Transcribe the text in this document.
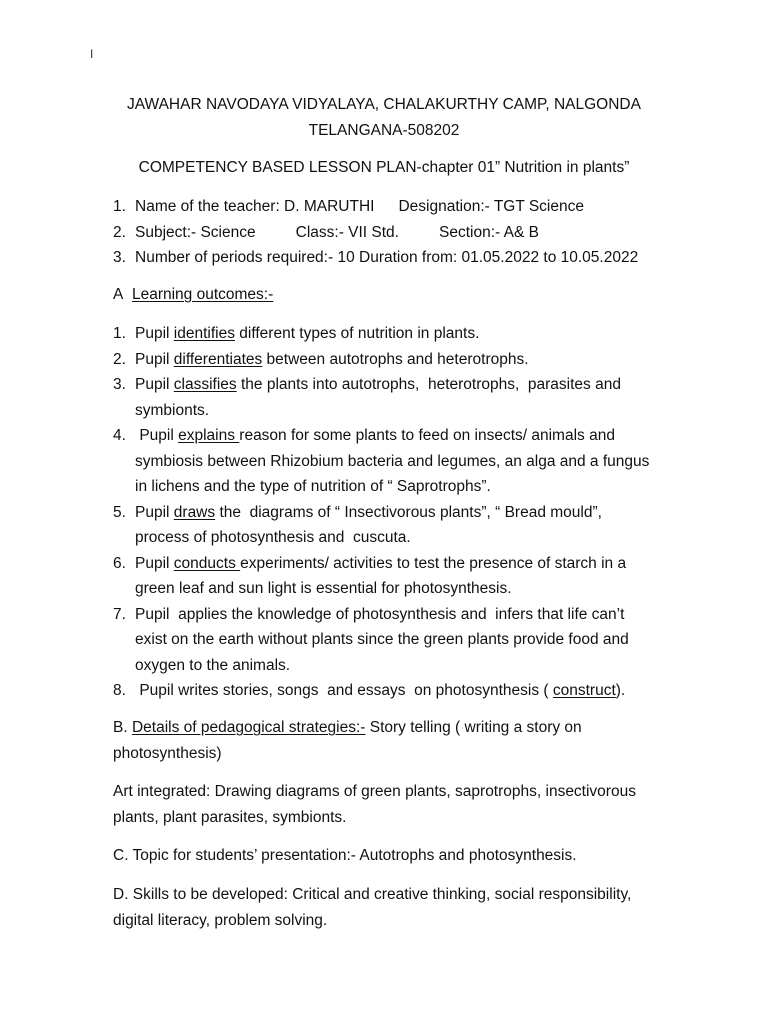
I
JAWAHAR NAVODAYA VIDYALAYA, CHALAKURTHY CAMP, NALGONDA
TELANGANA-508202
COMPETENCY BASED LESSON PLAN-chapter 01” Nutrition in plants”
1. Name of the teacher: D. MARUTHI Designation:- TGT Science
2. Subject:- Science	Class:- VII Std.	Section:- A& B
3. Number of periods required:- 10 Duration from: 01.05.2022 to 10.05.2022
A Learning outcomes:-
1. Pupil identifies different types of nutrition in plants.
2. Pupil differentiates between autotrophs and heterotrophs.
3. Pupil classifies the plants into autotrophs,  heterotrophs,  parasites and symbionts.
4. Pupil explains reason for some plants to feed on insects/ animals and symbiosis between Rhizobium bacteria and legumes, an alga and a fungus in lichens and the type of nutrition of “ Saprotrophs”.
5. Pupil draws the  diagrams of “ Insectivorous plants”, “ Bread mould”, process of photosynthesis and  cuscuta.
6. Pupil conducts experiments/ activities to test the presence of starch in a green leaf and sun light is essential for photosynthesis.
7. Pupil  applies the knowledge of photosynthesis and  infers that life can’t exist on the earth without plants since the green plants provide food and oxygen to the animals.
8. Pupil writes stories, songs  and essays  on photosynthesis ( construct).
B. Details of pedagogical strategies:- Story telling ( writing a story on photosynthesis)
Art integrated: Drawing diagrams of green plants, saprotrophs, insectivorous plants, plant parasites, symbionts.
C. Topic for students’ presentation:- Autotrophs and photosynthesis.
D. Skills to be developed: Critical and creative thinking, social responsibility, digital literacy, problem solving.
